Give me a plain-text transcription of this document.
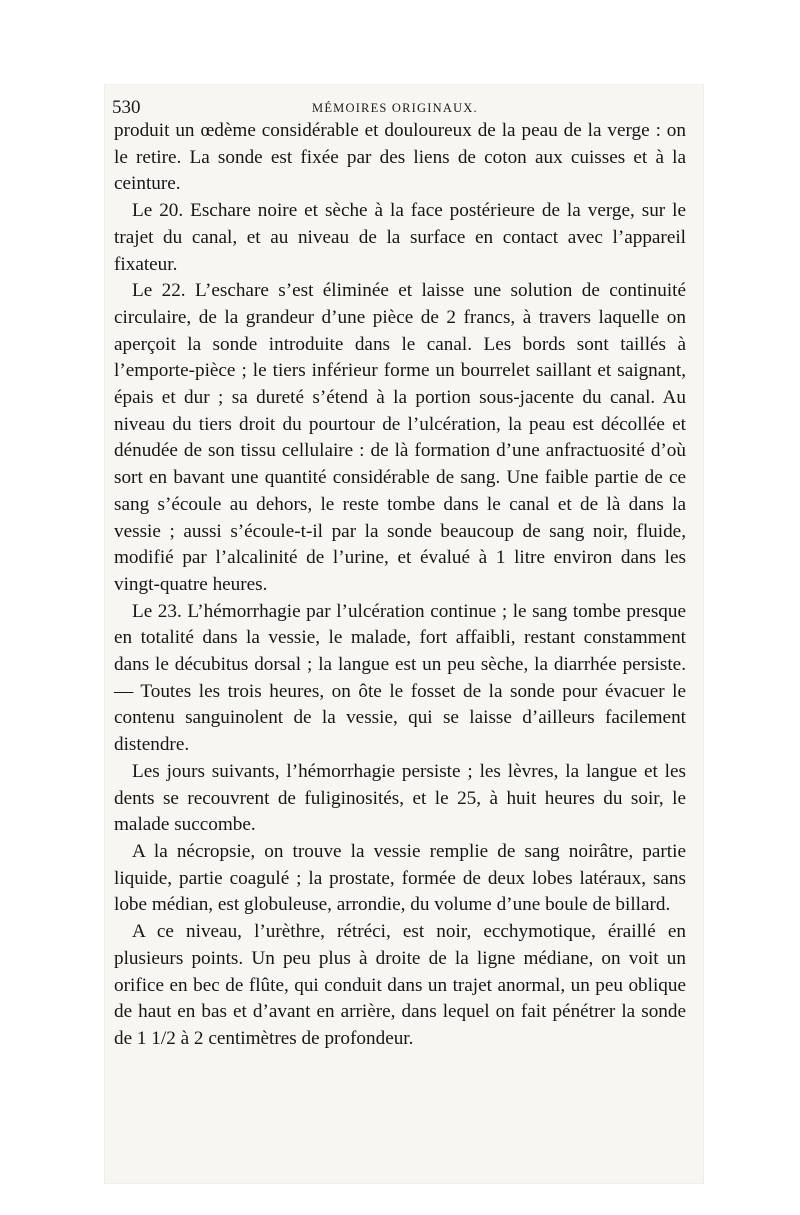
530	MÉMOIRES ORIGINAUX.

produit un œdème considérable et douloureux de la peau de la verge : on le retire. La sonde est fixée par des liens de coton aux cuisses et à la ceinture.

Le 20. Eschare noire et sèche à la face postérieure de la verge, sur le trajet du canal, et au niveau de la surface en contact avec l’appareil fixateur.

Le 22. L’eschare s’est éliminée et laisse une solution de continuité circulaire, de la grandeur d’une pièce de 2 francs, à travers laquelle on aperçoit la sonde introduite dans le canal. Les bords sont taillés à l’emporte-pièce ; le tiers inférieur forme un bourrelet saillant et saignant, épais et dur ; sa dureté s’étend à la portion sous-jacente du canal. Au niveau du tiers droit du pourtour de l’ulcération, la peau est décollée et dénudée de son tissu cellulaire : de là formation d’une anfractuosité d’où sort en bavant une quantité considérable de sang. Une faible partie de ce sang s’écoule au dehors, le reste tombe dans le canal et de là dans la vessie ; aussi s’écoule-t-il par la sonde beaucoup de sang noir, fluide, modifié par l’alcalinité de l’urine, et évalué à 1 litre environ dans les vingt-quatre heures.

Le 23. L’hémorrhagie par l’ulcération continue ; le sang tombe presque en totalité dans la vessie, le malade, fort affaibli, restant constamment dans le décubitus dorsal ; la langue est un peu sèche, la diarrhée persiste. — Toutes les trois heures, on ôte le fosset de la sonde pour évacuer le contenu sanguinolent de la vessie, qui se laisse d’ailleurs facilement distendre.

Les jours suivants, l’hémorrhagie persiste ; les lèvres, la langue et les dents se recouvrent de fuliginosités, et le 25, à huit heures du soir, le malade succombe.

A la nécropsie, on trouve la vessie remplie de sang noirâtre, partie liquide, partie coagulé ; la prostate, formée de deux lobes latéraux, sans lobe médian, est globuleuse, arrondie, du volume d’une boule de billard.

A ce niveau, l’urèthre, rétréci, est noir, ecchymotique, éraillé en plusieurs points. Un peu plus à droite de la ligne médiane, on voit un orifice en bec de flûte, qui conduit dans un trajet anormal, un peu oblique de haut en bas et d’avant en arrière, dans lequel on fait pénétrer la sonde de 1 1/2 à 2 centimètres de profondeur.
